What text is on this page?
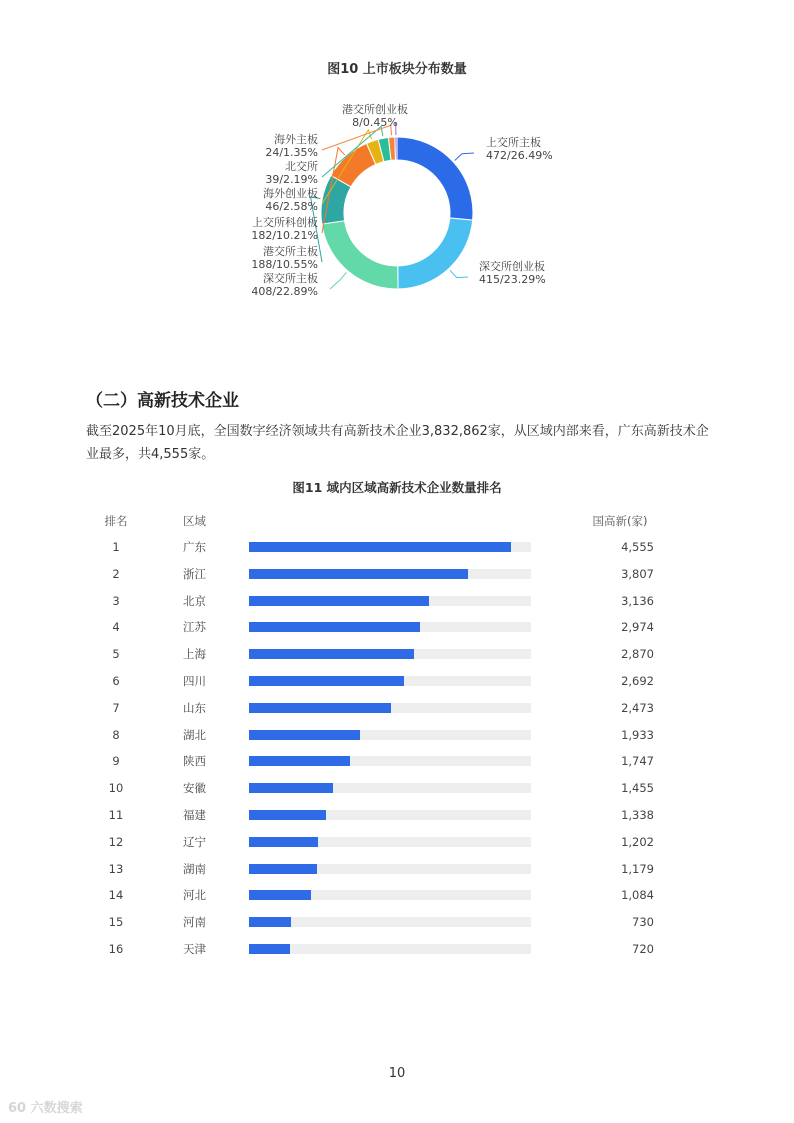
图10 上市板块分布数量
上交所主板
472/26.49%
深交所创业板
415/23.29%
深交所主板
408/22.89%
港交所主板
188/10.55%
上交所科创板
182/10.21%
海外创业板
46/2.58%
北交所
39/2.19%
海外主板
24/1.35%
港交所创业板
8/0.45%
（二）高新技术企业
截至2025年10月底，全国数字经济领域共有高新技术企业3,832,862家，从区域内部来看，广东高新技术企业最多，共4,555家。
图11 域内区域高新技术企业数量排名
排名	区域	国高新(家)
1	广东	4,555
2	浙江	3,807
3	北京	3,136
4	江苏	2,974
5	上海	2,870
6	四川	2,692
7	山东	2,473
8	湖北	1,933
9	陕西	1,747
10	安徽	1,455
11	福建	1,338
12	辽宁	1,202
13	湖南	1,179
14	河北	1,084
15	河南	730
16	天津	720
10
60 六数搜索
